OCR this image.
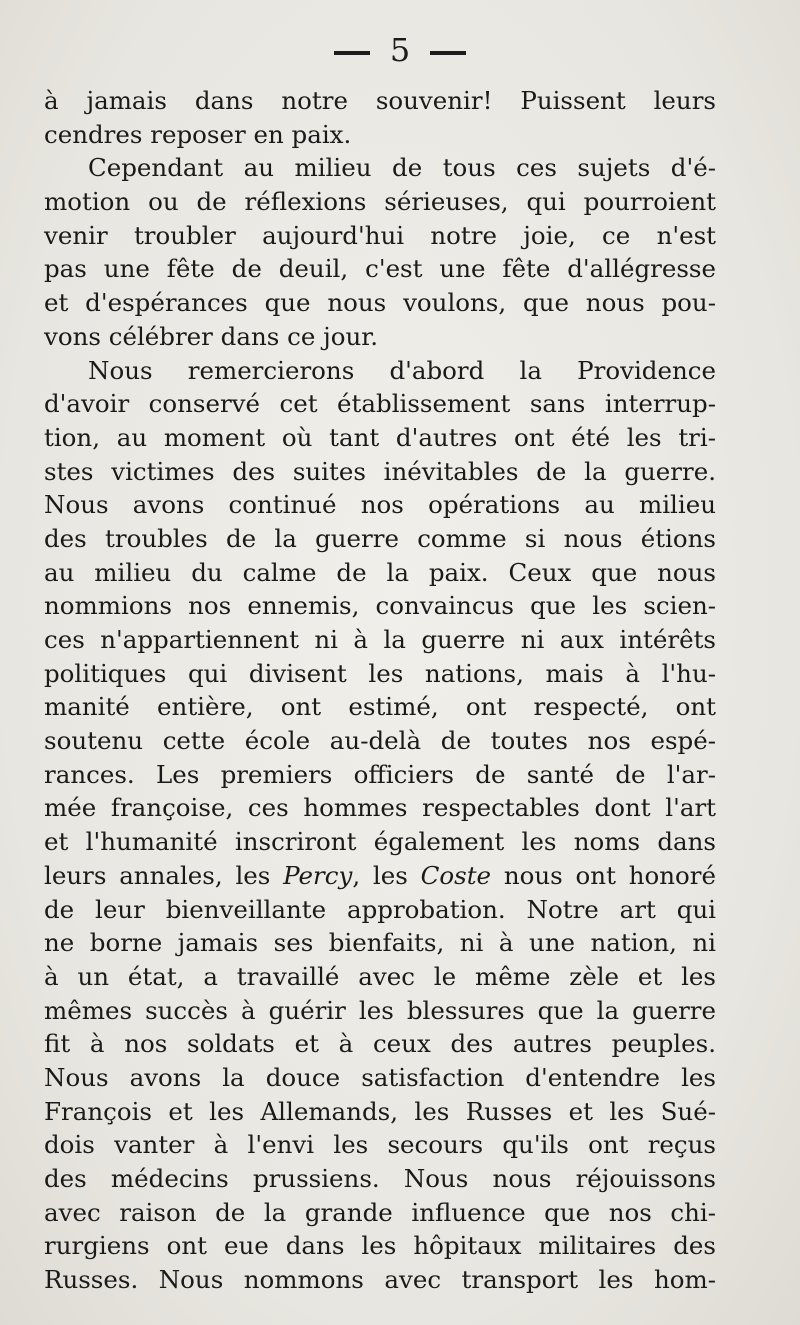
5
à jamais dans notre souvenir! Puissent leurs
cendres reposer en paix.
Cependant au milieu de tous ces sujets d'é-
motion ou de réflexions sérieuses, qui pourroient
venir troubler aujourd'hui notre joie, ce n'est
pas une fête de deuil, c'est une fête d'allégresse
et d'espérances que nous voulons, que nous pou-
vons célébrer dans ce jour.
Nous remercierons d'abord la Providence
d'avoir conservé cet établissement sans interrup-
tion, au moment où tant d'autres ont été les tri-
stes victimes des suites inévitables de la guerre.
Nous avons continué nos opérations au milieu
des troubles de la guerre comme si nous étions
au milieu du calme de la paix. Ceux que nous
nommions nos ennemis, convaincus que les scien-
ces n'appartiennent ni à la guerre ni aux intérêts
politiques qui divisent les nations, mais à l'hu-
manité entière, ont estimé, ont respecté, ont
soutenu cette école au-delà de toutes nos espé-
rances. Les premiers officiers de santé de l'ar-
mée françoise, ces hommes respectables dont l'art
et l'humanité inscriront également les noms dans
leurs annales, les Percy, les Coste nous ont honoré
de leur bienveillante approbation. Notre art qui
ne borne jamais ses bienfaits, ni à une nation, ni
à un état, a travaillé avec le même zèle et les
mêmes succès à guérir les blessures que la guerre
fit à nos soldats et à ceux des autres peuples.
Nous avons la douce satisfaction d'entendre les
François et les Allemands, les Russes et les Sué-
dois vanter à l'envi les secours qu'ils ont reçus
des médecins prussiens. Nous nous réjouissons
avec raison de la grande influence que nos chi-
rurgiens ont eue dans les hôpitaux militaires des
Russes. Nous nommons avec transport les hom-
